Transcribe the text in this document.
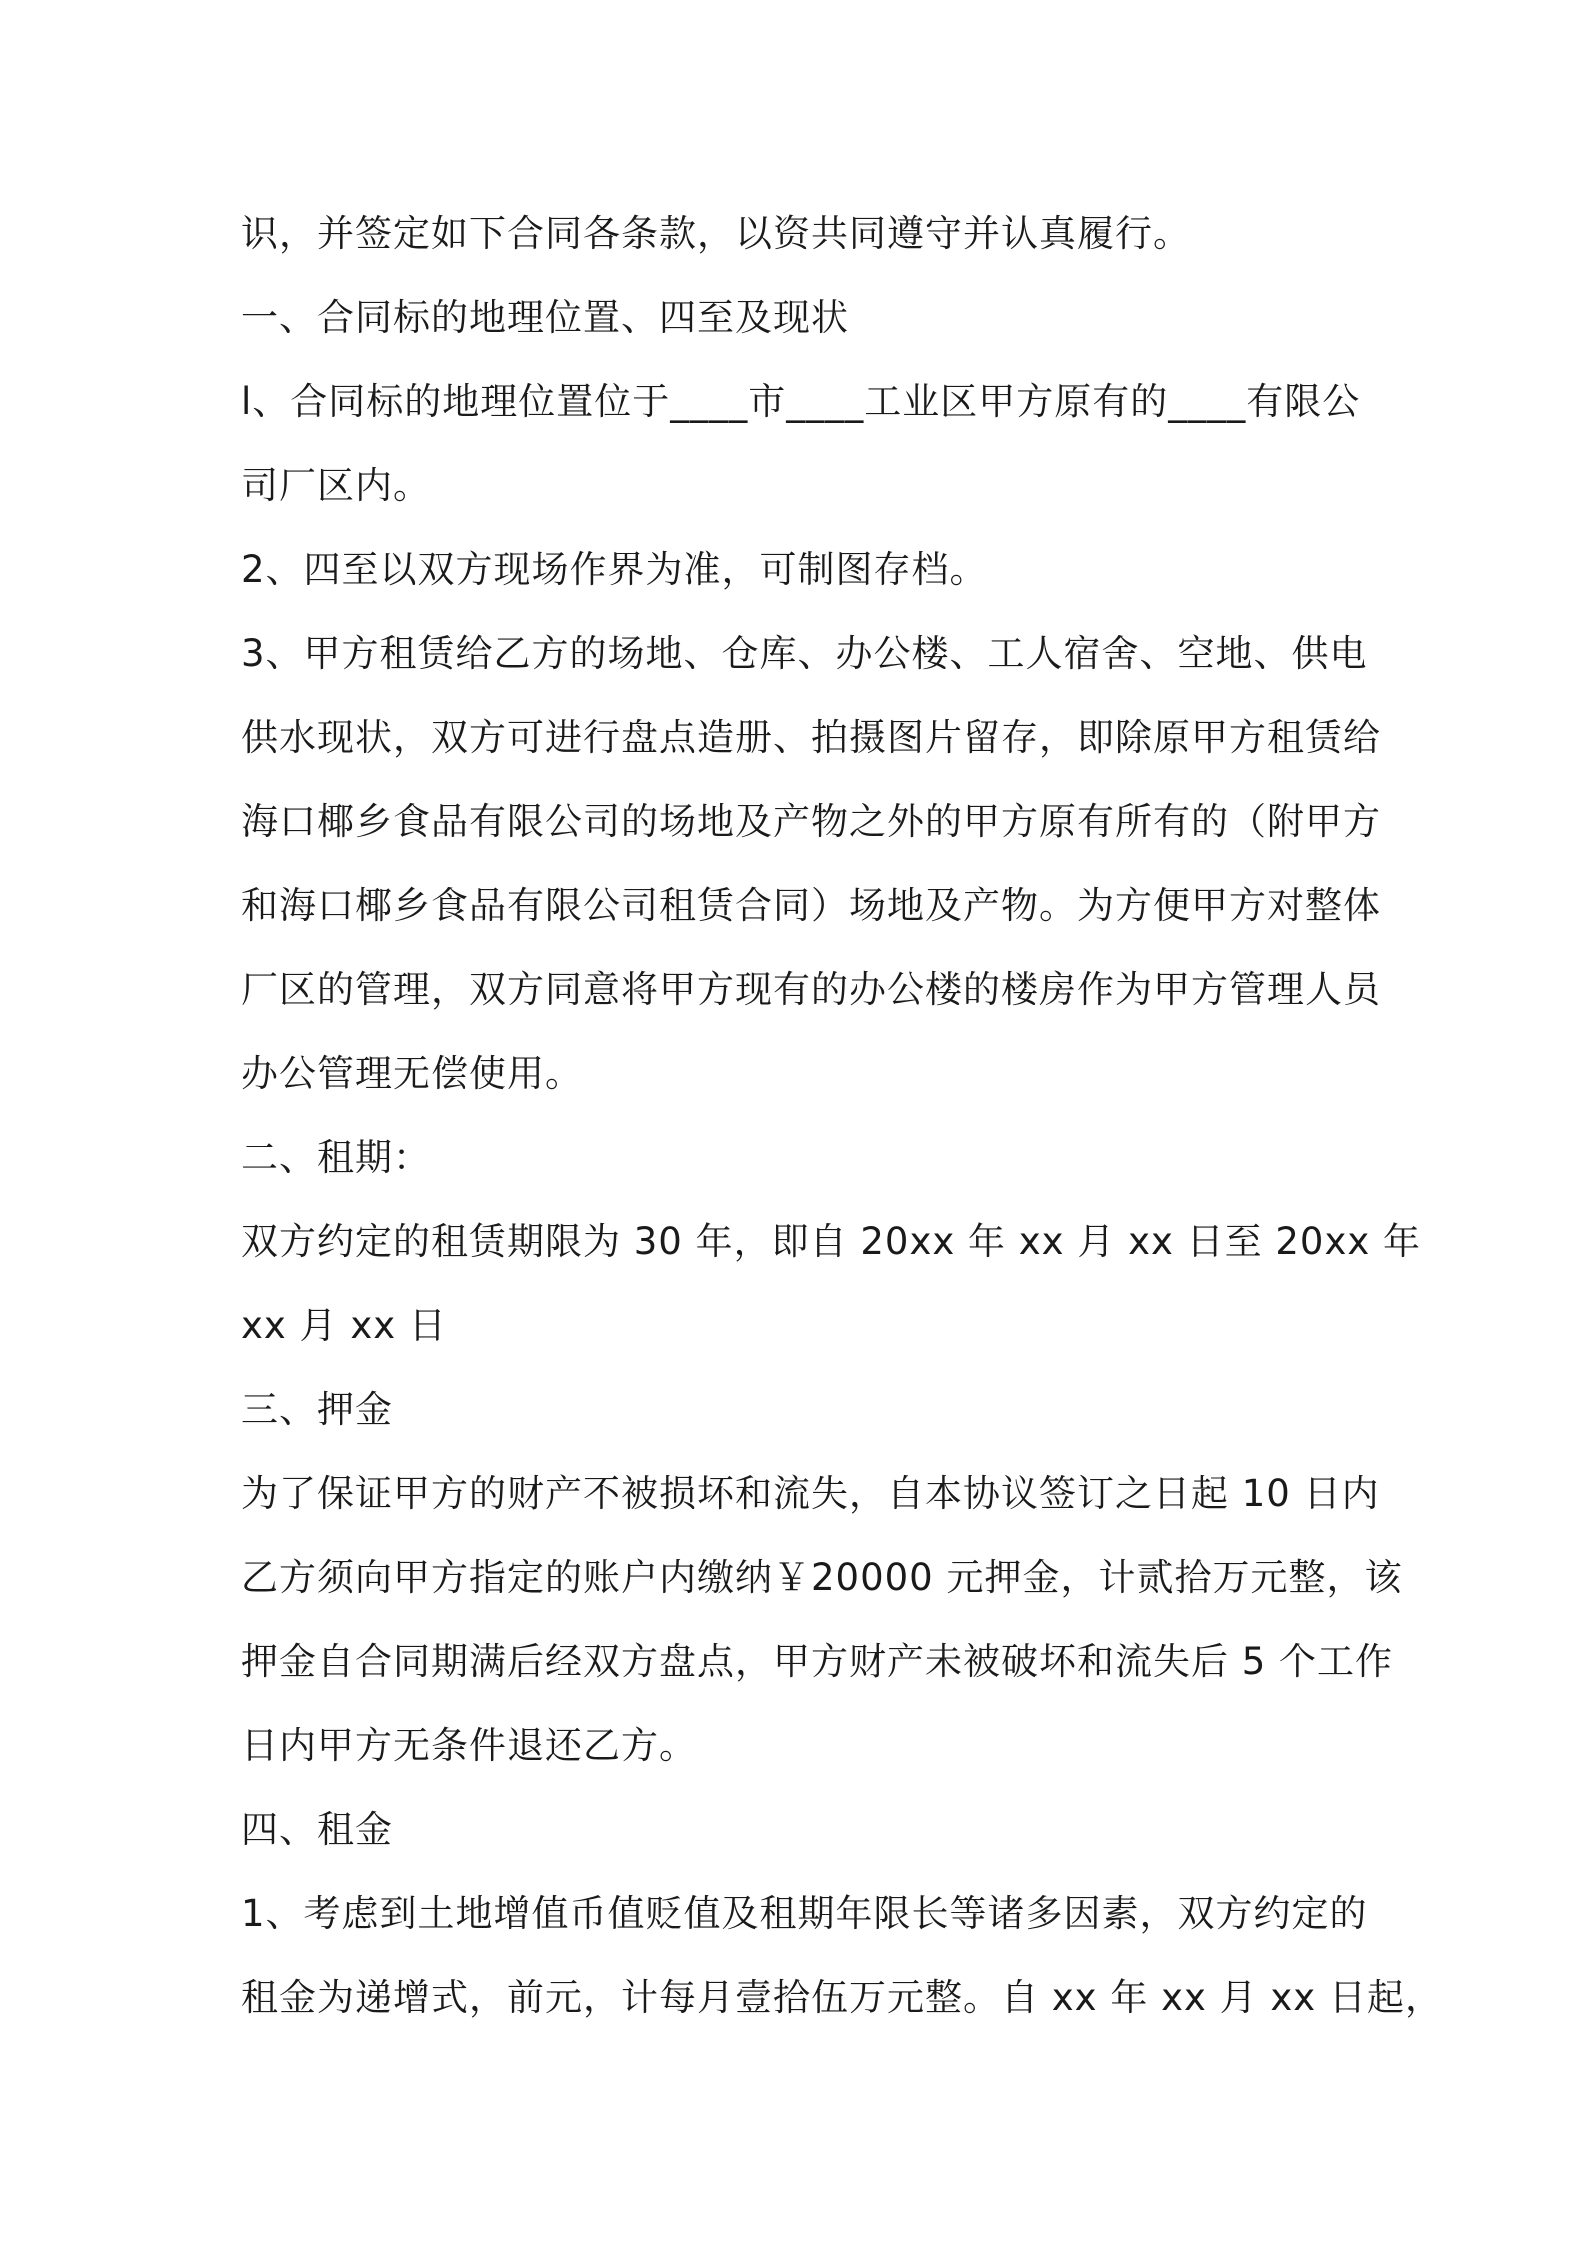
识，并签定如下合同各条款，以资共同遵守并认真履行。
一、合同标的地理位置、四至及现状
l、合同标的地理位置位于____市____工业区甲方原有的____有限公
司厂区内。
2、四至以双方现场作界为准，可制图存档。
3、甲方租赁给乙方的场地、仓库、办公楼、工人宿舍、空地、供电
供水现状，双方可进行盘点造册、拍摄图片留存，即除原甲方租赁给
海口椰乡食品有限公司的场地及产物之外的甲方原有所有的（附甲方
和海口椰乡食品有限公司租赁合同）场地及产物。为方便甲方对整体
厂区的管理，双方同意将甲方现有的办公楼的楼房作为甲方管理人员
办公管理无偿使用。
二、租期：
双方约定的租赁期限为 30 年，即自 20xx 年 xx 月 xx 日至 20xx 年
xx 月 xx 日
三、押金
为了保证甲方的财产不被损坏和流失，自本协议签订之日起 10 日内
乙方须向甲方指定的账户内缴纳￥20000 元押金，计贰拾万元整，该
押金自合同期满后经双方盘点，甲方财产未被破坏和流失后 5 个工作
日内甲方无条件退还乙方。
四、租金
1、考虑到土地增值币值贬值及租期年限长等诸多因素，双方约定的
租金为递增式，前元，计每月壹拾伍万元整。自 xx 年 xx 月 xx 日起，
